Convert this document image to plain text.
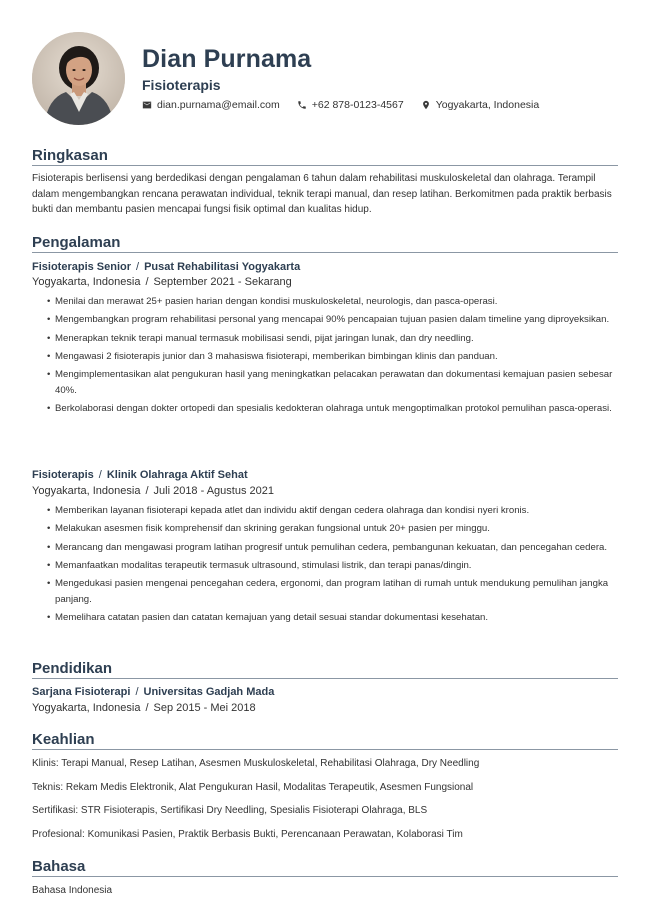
Dian Purnama
Fisioterapis
dian.purnama@email.com	+62 878-0123-4567	Yogyakarta, Indonesia
Ringkasan
Fisioterapis berlisensi yang berdedikasi dengan pengalaman 6 tahun dalam rehabilitasi muskuloskeletal dan olahraga. Terampil dalam mengembangkan rencana perawatan individual, teknik terapi manual, dan resep latihan. Berkomitmen pada praktik berbasis bukti dan membantu pasien mencapai fungsi fisik optimal dan kualitas hidup.
Pengalaman
Fisioterapis Senior / Pusat Rehabilitasi Yogyakarta
Yogyakarta, Indonesia / September 2021 - Sekarang
• Menilai dan merawat 25+ pasien harian dengan kondisi muskuloskeletal, neurologis, dan pasca-operasi.
• Mengembangkan program rehabilitasi personal yang mencapai 90% pencapaian tujuan pasien dalam timeline yang diproyeksikan.
• Menerapkan teknik terapi manual termasuk mobilisasi sendi, pijat jaringan lunak, dan dry needling.
• Mengawasi 2 fisioterapis junior dan 3 mahasiswa fisioterapi, memberikan bimbingan klinis dan panduan.
• Mengimplementasikan alat pengukuran hasil yang meningkatkan pelacakan perawatan dan dokumentasi kemajuan pasien sebesar 40%.
• Berkolaborasi dengan dokter ortopedi dan spesialis kedokteran olahraga untuk mengoptimalkan protokol pemulihan pasca-operasi.
Fisioterapis / Klinik Olahraga Aktif Sehat
Yogyakarta, Indonesia / Juli 2018 - Agustus 2021
• Memberikan layanan fisioterapi kepada atlet dan individu aktif dengan cedera olahraga dan kondisi nyeri kronis.
• Melakukan asesmen fisik komprehensif dan skrining gerakan fungsional untuk 20+ pasien per minggu.
• Merancang dan mengawasi program latihan progresif untuk pemulihan cedera, pembangunan kekuatan, dan pencegahan cedera.
• Memanfaatkan modalitas terapeutik termasuk ultrasound, stimulasi listrik, dan terapi panas/dingin.
• Mengedukasi pasien mengenai pencegahan cedera, ergonomi, dan program latihan di rumah untuk mendukung pemulihan jangka panjang.
• Memelihara catatan pasien dan catatan kemajuan yang detail sesuai standar dokumentasi kesehatan.
Pendidikan
Sarjana Fisioterapi / Universitas Gadjah Mada
Yogyakarta, Indonesia / Sep 2015 - Mei 2018
Keahlian
Klinis: Terapi Manual, Resep Latihan, Asesmen Muskuloskeletal, Rehabilitasi Olahraga, Dry Needling
Teknis: Rekam Medis Elektronik, Alat Pengukuran Hasil, Modalitas Terapeutik, Asesmen Fungsional
Sertifikasi: STR Fisioterapis, Sertifikasi Dry Needling, Spesialis Fisioterapi Olahraga, BLS
Profesional: Komunikasi Pasien, Praktik Berbasis Bukti, Perencanaan Perawatan, Kolaborasi Tim
Bahasa
Bahasa Indonesia
